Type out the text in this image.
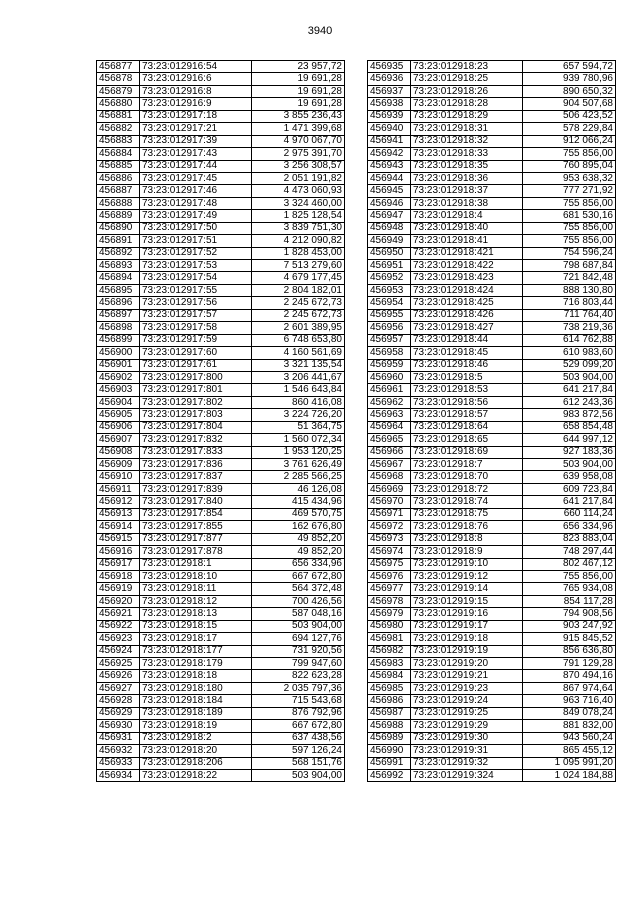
3940
456877	73:23:012916:54	23 957,72
456878	73:23:012916:6	19 691,28
456879	73:23:012916:8	19 691,28
456880	73:23:012916:9	19 691,28
456881	73:23:012917:18	3 855 236,43
456882	73:23:012917:21	1 471 399,68
456883	73:23:012917:39	4 970 067,70
456884	73:23:012917:43	2 975 391,70
456885	73:23:012917:44	3 256 308,57
456886	73:23:012917:45	2 051 191,82
456887	73:23:012917:46	4 473 060,93
456888	73:23:012917:48	3 324 460,00
456889	73:23:012917:49	1 825 128,54
456890	73:23:012917:50	3 839 751,30
456891	73:23:012917:51	4 212 090,82
456892	73:23:012917:52	1 828 453,00
456893	73:23:012917:53	7 513 279,60
456894	73:23:012917:54	4 679 177,45
456895	73:23:012917:55	2 804 182,01
456896	73:23:012917:56	2 245 672,73
456897	73:23:012917:57	2 245 672,73
456898	73:23:012917:58	2 601 389,95
456899	73:23:012917:59	6 748 653,80
456900	73:23:012917:60	4 160 561,69
456901	73:23:012917:61	3 321 135,54
456902	73:23:012917:800	3 206 441,67
456903	73:23:012917:801	1 546 643,84
456904	73:23:012917:802	860 416,08
456905	73:23:012917:803	3 224 726,20
456906	73:23:012917:804	51 364,75
456907	73:23:012917:832	1 560 072,34
456908	73:23:012917:833	1 953 120,25
456909	73:23:012917:836	3 761 626,49
456910	73:23:012917:837	2 285 566,25
456911	73:23:012917:839	46 126,08
456912	73:23:012917:840	415 434,96
456913	73:23:012917:854	469 570,75
456914	73:23:012917:855	162 676,80
456915	73:23:012917:877	49 852,20
456916	73:23:012917:878	49 852,20
456917	73:23:012918:1	656 334,96
456918	73:23:012918:10	667 672,80
456919	73:23:012918:11	564 372,48
456920	73:23:012918:12	700 426,56
456921	73:23:012918:13	587 048,16
456922	73:23:012918:15	503 904,00
456923	73:23:012918:17	694 127,76
456924	73:23:012918:177	731 920,56
456925	73:23:012918:179	799 947,60
456926	73:23:012918:18	822 623,28
456927	73:23:012918:180	2 035 797,36
456928	73:23:012918:184	715 543,68
456929	73:23:012918:189	876 792,96
456930	73:23:012918:19	667 672,80
456931	73:23:012918:2	637 438,56
456932	73:23:012918:20	597 126,24
456933	73:23:012918:206	568 151,76
456934	73:23:012918:22	503 904,00
456935	73:23:012918:23	657 594,72
456936	73:23:012918:25	939 780,96
456937	73:23:012918:26	890 650,32
456938	73:23:012918:28	904 507,68
456939	73:23:012918:29	506 423,52
456940	73:23:012918:31	578 229,84
456941	73:23:012918:32	912 066,24
456942	73:23:012918:33	755 856,00
456943	73:23:012918:35	760 895,04
456944	73:23:012918:36	953 638,32
456945	73:23:012918:37	777 271,92
456946	73:23:012918:38	755 856,00
456947	73:23:012918:4	681 530,16
456948	73:23:012918:40	755 856,00
456949	73:23:012918:41	755 856,00
456950	73:23:012918:421	754 596,24
456951	73:23:012918:422	798 687,84
456952	73:23:012918:423	721 842,48
456953	73:23:012918:424	888 130,80
456954	73:23:012918:425	716 803,44
456955	73:23:012918:426	711 764,40
456956	73:23:012918:427	738 219,36
456957	73:23:012918:44	614 762,88
456958	73:23:012918:45	610 983,60
456959	73:23:012918:46	529 099,20
456960	73:23:012918:5	503 904,00
456961	73:23:012918:53	641 217,84
456962	73:23:012918:56	612 243,36
456963	73:23:012918:57	983 872,56
456964	73:23:012918:64	658 854,48
456965	73:23:012918:65	644 997,12
456966	73:23:012918:69	927 183,36
456967	73:23:012918:7	503 904,00
456968	73:23:012918:70	639 958,08
456969	73:23:012918:72	609 723,84
456970	73:23:012918:74	641 217,84
456971	73:23:012918:75	660 114,24
456972	73:23:012918:76	656 334,96
456973	73:23:012918:8	823 883,04
456974	73:23:012918:9	748 297,44
456975	73:23:012919:10	802 467,12
456976	73:23:012919:12	755 856,00
456977	73:23:012919:14	765 934,08
456978	73:23:012919:15	854 117,28
456979	73:23:012919:16	794 908,56
456980	73:23:012919:17	903 247,92
456981	73:23:012919:18	915 845,52
456982	73:23:012919:19	856 636,80
456983	73:23:012919:20	791 129,28
456984	73:23:012919:21	870 494,16
456985	73:23:012919:23	867 974,64
456986	73:23:012919:24	963 716,40
456987	73:23:012919:25	849 078,24
456988	73:23:012919:29	881 832,00
456989	73:23:012919:30	943 560,24
456990	73:23:012919:31	865 455,12
456991	73:23:012919:32	1 095 991,20
456992	73:23:012919:324	1 024 184,88
